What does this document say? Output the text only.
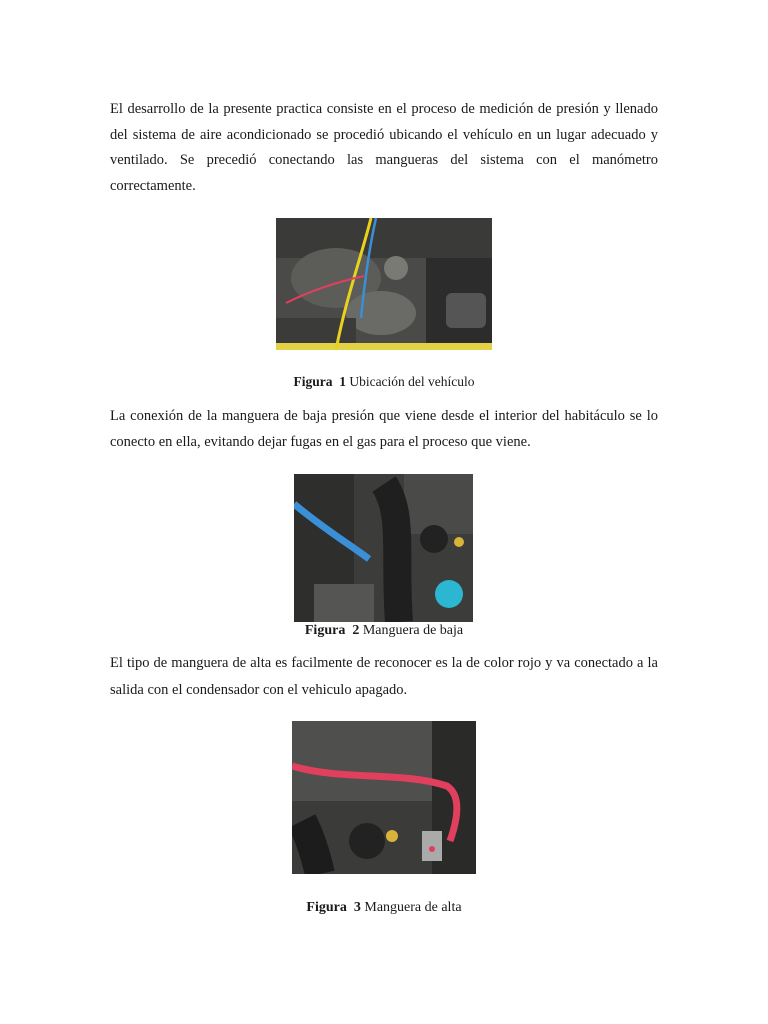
El desarrollo de la presente practica consiste en el proceso de medición de presión y llenado del sistema de aire acondicionado se procedió ubicando el vehículo en un lugar adecuado y ventilado. Se precedió conectando las mangueras del sistema con el manómetro correctamente.

Figura 1 Ubicación del vehículo

La conexión de la manguera de baja presión que viene desde el interior del habitáculo se lo conecto en ella, evitando dejar fugas en el gas para el proceso que viene.

Figura 2 Manguera de baja

El tipo de manguera de alta es facilmente de reconocer es la de color rojo y va conectado a la salida con el condensador con el vehiculo apagado.

Figura 3 Manguera de alta
